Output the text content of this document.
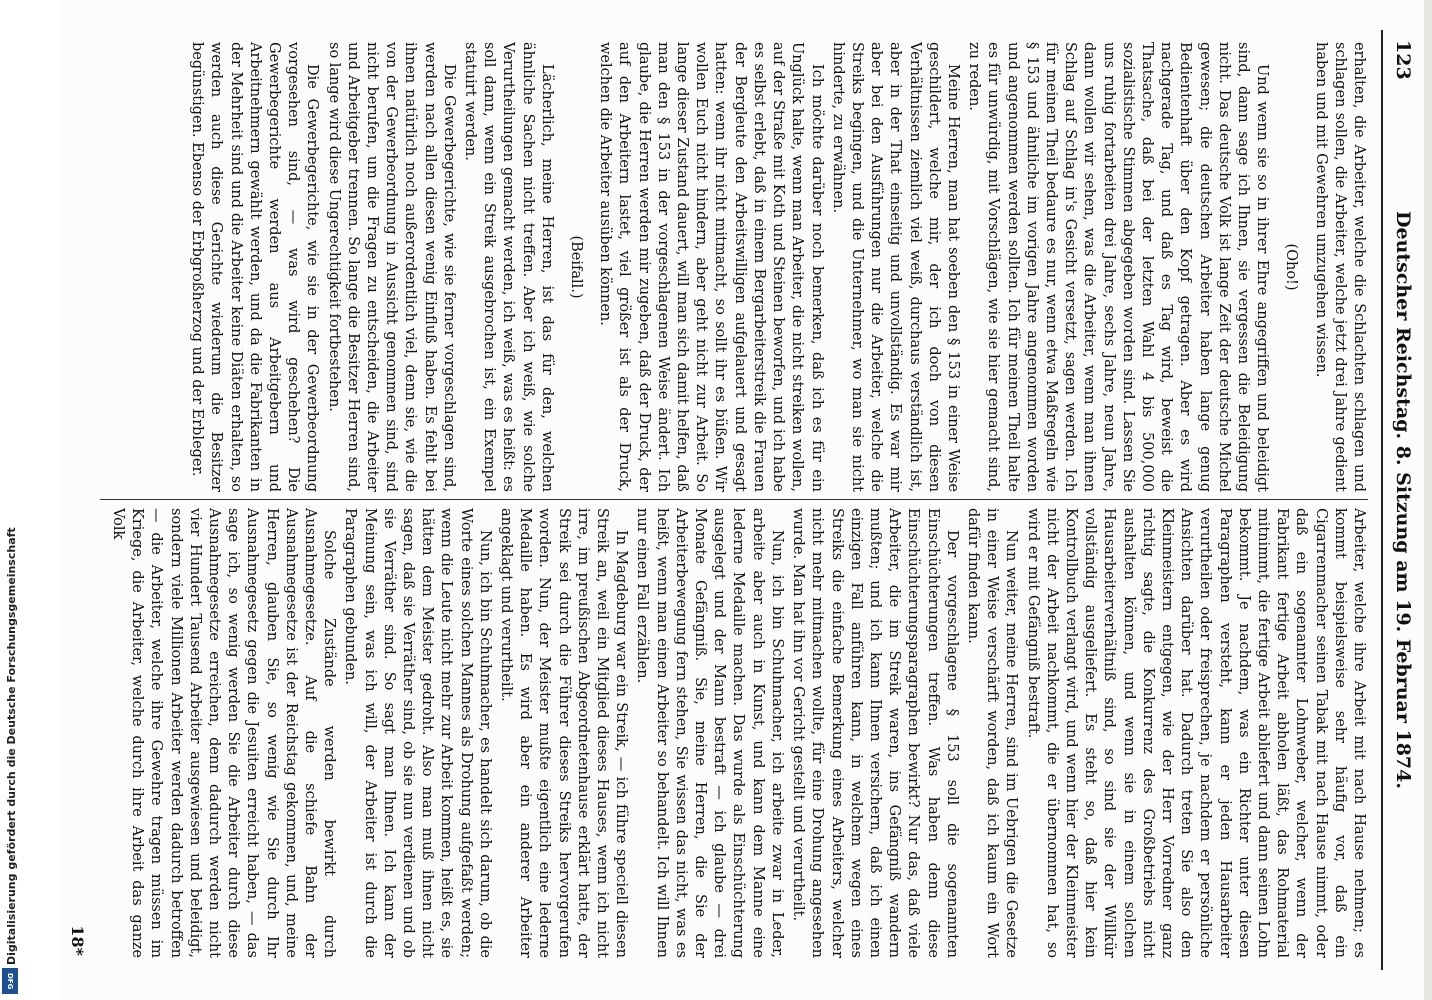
123
Deutscher Reichstag. 8. Sitzung am 19. Februar 1874.

erhalten, die Arbeiter, welche die Schlachten schlagen und schlagen sollen, die Arbeiter, welche jetzt drei Jahre gedient haben und mit Gewehren umzugehen wissen.

(Oho!)

Und wenn sie so in ihrer Ehre angegriffen und beleidigt sind, dann sage ich Ihnen, sie vergessen die Beleidigung nicht. Das deutsche Volk ist lange Zeit der deutsche Michel gewesen; die deutschen Arbeiter haben lange genug Bedientenhaft über den Kopf getragen. Aber es wird nachgerade Tag, und daß es Tag wird, beweist die Thatsache, daß bei der letzten Wahl 4 bis 500,000 sozialistische Stimmen abgegeben worden sind. Lassen Sie uns ruhig fortarbeiten drei Jahre, sechs Jahre, neun Jahre, dann wollen wir sehen, was die Arbeiter, wenn man ihnen Schlag auf Schlag in's Gesicht versetzt, sagen werden. Ich für meinen Theil bedaure es nur, wenn etwa Maßregeln wie § 153 und ähnliche im vorigen Jahre angenommen worden und angenommen werden sollten. Ich für meinen Theil halte es für unwürdig, mit Vorschlägen, wie sie hier gemacht sind, zu reden.

Meine Herren, man hat soeben den § 153 in einer Weise geschildert, welche mir, der ich doch von diesen Verhältnissen ziemlich viel weiß, durchaus verständlich ist, aber in der That einseitig und unvollständig. Es war mir aber bei den Ausführungen nur die Arbeiter, welche die Streiks begingen, und die Unternehmer, wo man sie nicht hinderte, zu erwähnen.

Ich möchte darüber noch bemerken, daß ich es für ein Unglück halte, wenn man Arbeiter, die nicht streiken wollen, auf der Straße mit Koth und Steinen beworfen, und ich habe es selbst erlebt, daß in einem Bergarbeiterstreik die Frauen der Bergleute den Arbeitswilligen aufgelauert und gesagt hatten: wenn ihr nicht mitmacht, so sollt ihr es büßen. Wir wollen Euch nicht hindern, aber geht nicht zur Arbeit. So lange dieser Zustand dauert, will man sich damit helfen, daß man den § 153 in der vorgeschlagenen Weise ändert. Ich glaube, die Herren werden mir zugeben, daß der Druck, der auf den Arbeitern lastet, viel größer ist als der Druck, welchen die Arbeiter ausüben können.

(Beifall.)

Lächerlich, meine Herren, ist das für den, welchen ähnliche Sachen nicht treffen. Aber ich weiß, wie solche Verurtheilungen gemacht werden, ich weiß, was es heißt: es soll dann, wenn ein Streik ausgebrochen ist, ein Exempel statuirt werden.

Die Gewerbegerichte, wie sie ferner vorgeschlagen sind, werden nach allen diesen wenig Einfluß haben. Es fehlt bei ihnen natürlich noch außerordentlich viel, denn sie, wie die von der Gewerbeordnung in Aussicht genommen sind, sind nicht berufen, um die Fragen zu entscheiden, die Arbeiter und Arbeitgeber trennen. So lange die Besitzer Herren sind, so lange wird diese Ungerechtigkeit fortbestehen.

Die Gewerbegerichte, wie sie in der Gewerbeordnung vorgesehen sind, — was wird geschehen? Die Gewerbegerichte werden aus Arbeitgebern und Arbeitnehmern gewählt werden, und da die Fabrikanten in der Mehrheit sind und die Arbeiter keine Diäten erhalten, so werden auch diese Gerichte wiederum die Besitzer begünstigen. Ebenso der Erbgroßherzog und der Erbleger.

Arbeiter, welche ihre Arbeit mit nach Hause nehmen; es kommt beispielsweise sehr häufig vor, daß ein Cigarrenmacher seinen Tabak mit nach Hause nimmt, oder daß ein sogenannter Lohnweber, welcher, wenn der Fabrikant fertige Arbeit abholen läßt, das Rohmaterial mitnimmt, die fertige Arbeit abliefert und dann seinen Lohn bekommt. Je nachdem, was ein Richter unter diesen Paragraphen versteht, kann er jeden Hausarbeiter verurtheilen oder freisprechen, je nachdem er persönliche Ansichten darüber hat. Dadurch treten Sie also den Kleinmeistern entgegen, wie der Herr Vorredner ganz richtig sagte, die Konkurrenz des Großbetriebs nicht aushalten können, und wenn sie in einem solchen Hausarbeiterverhältniß sind, so sind sie der Willkür vollständig ausgeliefert. Es steht so, daß hier kein Kontrollbuch verlangt wird, und wenn hier der Kleinmeister nicht der Arbeit nachkommt, die er übernommen hat, so wird er mit Gefängniß bestraft.

Nun weiter, meine Herren, sind im Uebrigen die Gesetze in einer Weise verschärft worden, daß ich kaum ein Wort dafür finden kann.

Der vorgeschlagene § 153 soll die sogenannten Einschüchterungen treffen. Was haben denn diese Einschüchterungsparagraphen bewirkt? Nur das, daß viele Arbeiter, die im Streik waren, ins Gefängniß wandern mußten; und ich kann Ihnen versichern, daß ich einen einzigen Fall anführen kann, in welchem wegen eines Streiks die einfache Bemerkung eines Arbeiters, welcher nicht mehr mitmachen wollte, für eine Drohung angesehen wurde. Man hat ihn vor Gericht gestellt und verurtheilt.

Nun, ich bin Schuhmacher, ich arbeite zwar in Leder, arbeite aber auch in Kunst, und kann dem Manne eine lederne Medaille machen. Das wurde als Einschüchterung ausgelegt und der Mann bestraft — ich glaube — drei Monate Gefängniß. Sie, meine Herren, die Sie der Arbeiterbewegung fern stehen, Sie wissen das nicht, was es heißt, wenn man einen Arbeiter so behandelt. Ich will Ihnen nur einen Fall erzählen.

In Magdeburg war ein Streik, — ich führe speciell diesen Streik an, weil ein Mitglied dieses Hauses, wenn ich nicht irre, im preußischen Abgeordnetenhause erklärt hatte, der Streik sei durch die Führer dieses Streiks hervorgerufen worden. Nun, der Meister mußte eigentlich eine lederne Medaille haben. Es wird aber ein anderer Arbeiter angeklagt und verurtheilt.

Nun, ich bin Schuhmacher, es handelt sich darum, ob die Worte eines solchen Mannes als Drohung aufgefaßt werden; wenn die Leute nicht mehr zur Arbeit kommen, heißt es, sie hätten dem Meister gedroht. Also man muß ihnen nicht sagen, daß sie Verräther sind, ob sie nun verdienen und ob sie Verräther sind. So sagt man Ihnen. Ich kann der Meinung sein, was ich will, der Arbeiter ist durch die Paragraphen gebunden.

Solche Zustände werden bewirkt durch Ausnahmegesetze. Auf die schiefe Bahn der Ausnahmegesetze ist der Reichstag gekommen, und, meine Herren, glauben Sie, so wenig wie Sie durch Ihr Ausnahmegesetz gegen die Jesuiten erreicht haben, — das sage ich, so wenig werden Sie die Arbeiter durch diese Ausnahmegesetze erreichen, denn dadurch werden nicht vier Hundert Tausend Arbeiter ausgewiesen und beleidigt, sondern viele Millionen Arbeiter werden dadurch betroffen — die Arbeiter, welche ihre Gewehre tragen müssen im Kriege, die Arbeiter, welche durch ihre Arbeit das ganze Volk

18*
Digitalisierung gefördert durch die Deutsche Forschungsgemeinschaft
DFG
